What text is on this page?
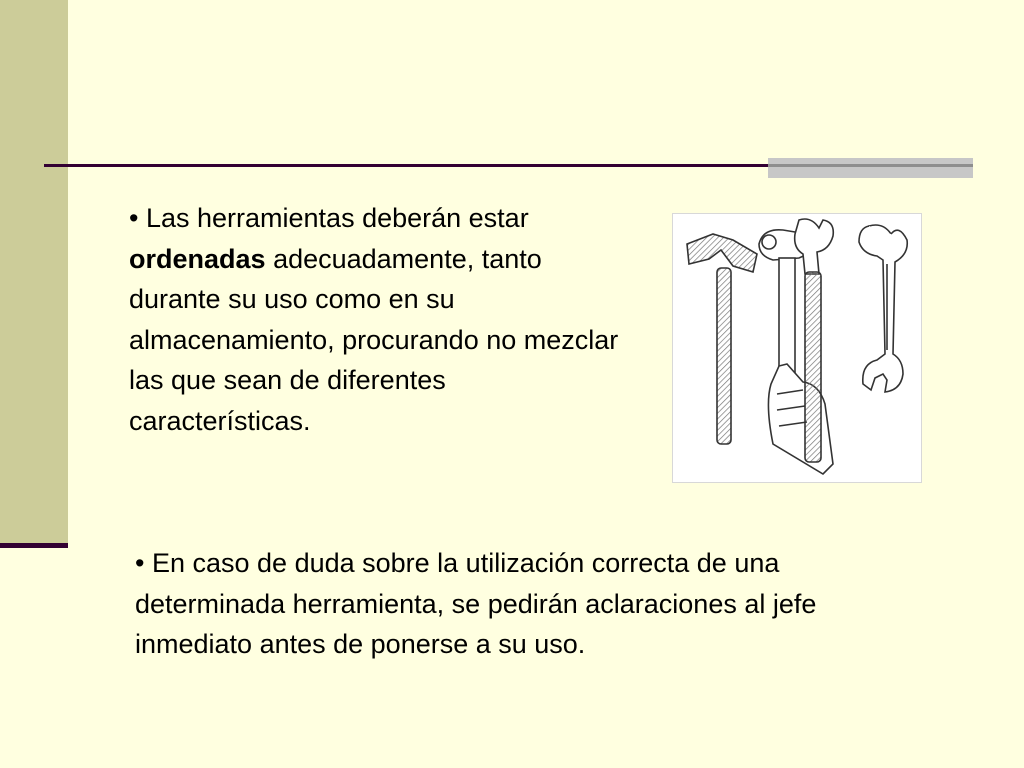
• Las herramientas deberán estar ordenadas adecuadamente, tanto durante su uso como en su almacenamiento, procurando no mezclar las que sean de diferentes características.
• En caso de duda sobre la utilización correcta de una determinada herramienta, se pedirán aclaraciones al jefe inmediato antes de ponerse a su uso.
